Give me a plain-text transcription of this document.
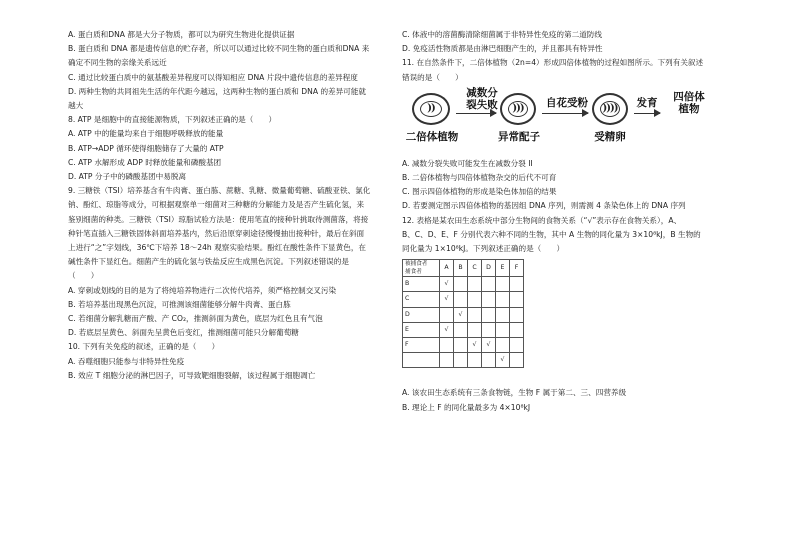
A. 蛋白质和DNA 都是大分子物质，都可以为研究生物进化提供证据
B. 蛋白质和 DNA 都是遗传信息的贮存者，所以可以通过比较不同生物的蛋白质和DNA 来
确定不同生物的亲缘关系远近
C. 通过比较蛋白质中的氨基酸差异程度可以得知相应 DNA 片段中遗传信息的差异程度
D. 两种生物的共同祖先生活的年代距今越远，这两种生物的蛋白质和 DNA 的差异可能就
越大
8. ATP 是细胞中的直接能源物质，下列叙述正确的是（　　）
A. ATP 中的能量均来自于细胞呼吸释放的能量
B. ATP→ADP 循环使得细胞储存了大量的 ATP
C. ATP 水解形成 ADP 时释放能量和磷酸基团
D. ATP 分子中的磷酸基团中易脱离
9. 三糖铁（TSI）培养基含有牛肉膏、蛋白胨、蔗糖、乳糖、微量葡萄糖、硫酸亚铁、氯化
钠、酚红、琼脂等成分，可根据观察单一细菌对三种糖的分解能力及是否产生硫化氢，来
鉴别细菌的种类。三糖铁（TSI）琼脂试验方法是：使用笔直的接种针挑取待测菌落，将接
种针笔直插入三糖铁固体斜面培养基内，然后沿原穿刺途径慢慢抽出接种针，最后在斜面
上进行“之”字划线，36℃下培养 18～24h 观察实验结果。酚红在酸性条件下显黄色，在
碱性条件下显红色。细菌产生的硫化氢与铁盐反应生成黑色沉淀。下列叙述错误的是
（　　）
A. 穿刺或划线的目的是为了将纯培养物进行二次传代培养，须严格控制交叉污染
B. 若培养基出现黑色沉淀，可推测该细菌能够分解牛肉膏、蛋白胨
C. 若细菌分解乳糖而产酸、产 CO₂，推测斜面为黄色，底层为红色且有气泡
D. 若底层呈黄色、斜面先呈黄色后变红，推测细菌可能只分解葡萄糖
10. 下列有关免疫的叙述，正确的是（　　）
A. 吞噬细胞只能参与非特异性免疫
B. 效应 T 细胞分泌的淋巴因子，可导致靶细胞裂解，该过程属于细胞凋亡
C. 体液中的溶菌酶清除细菌属于非特异性免疫的第二道防线
D. 免疫活性物质都是由淋巴细胞产生的，并且都具有特异性
11. 在自然条件下，二倍体植物（2n=4）形成四倍体植物的过程如图所示。下列有关叙述
错误的是（　　）
))
减数分
裂失败	)))	自花受粉	))))	发育	四倍体
植物
二倍体植物	异常配子	受精卵
A. 减数分裂失败可能发生在减数分裂 II
B. 二倍体植物与四倍体植物杂交的后代不可育
C. 图示四倍体植物的形成是染色体加倍的结果
D. 若要测定图示四倍体植物的基因组 DNA 序列，则需测 4 条染色体上的 DNA 序列
12. 表格是某农田生态系统中部分生物间的食物关系（“√”表示存在食物关系），A、
B、C、D、E、F 分别代表六种不同的生物，其中 A 生物的同化量为 3×10⁸kJ，B 生物的
同化量为 1×10⁸kJ。下列叙述正确的是（　　）
被捕食者
捕食者	A	B	C	D	E	F
B	√					
C	√					
D		√				
E	√					
F			√	√		
					√	
A. 该农田生态系统有三条食物链，生物 F 属于第二、三、四营养级
B. 理论上 F 的同化量最多为 4×10⁸kJ
